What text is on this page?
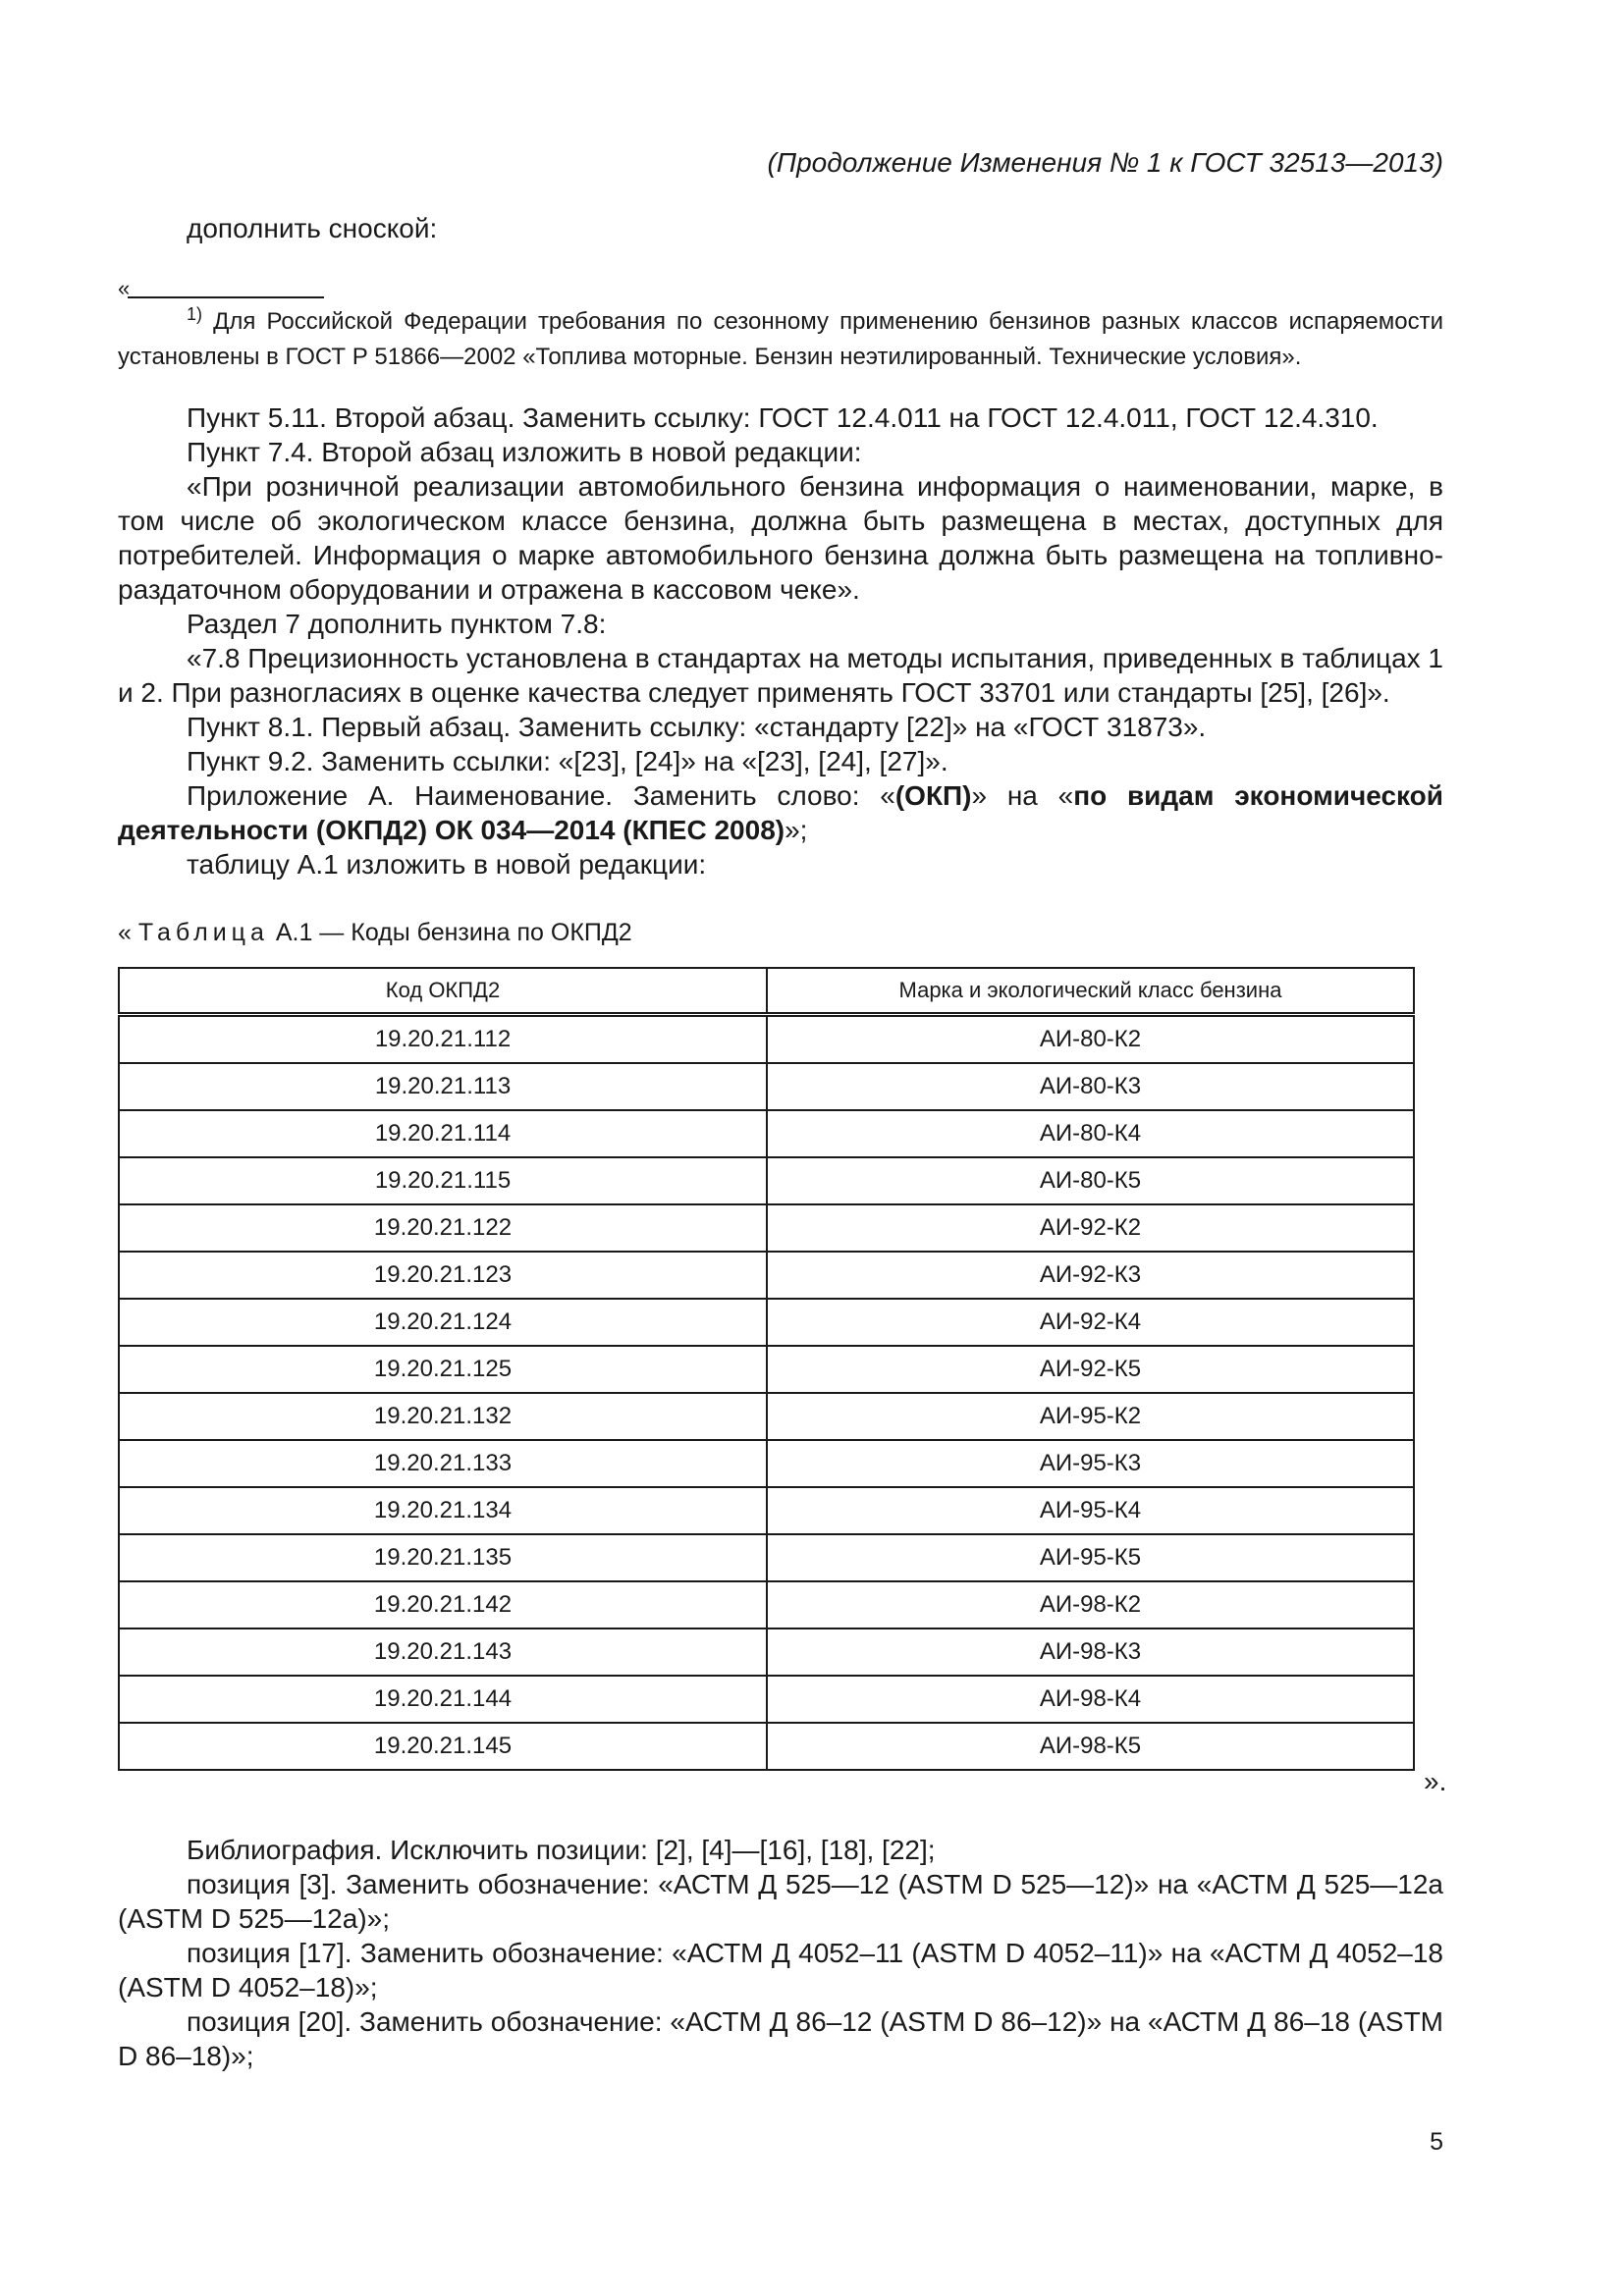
(Продолжение Изменения № 1 к ГОСТ 32513—2013)
дополнить сноской:
«
$^{1)}$ Для Российской Федерации требования по сезонному применению бензинов разных классов испаряемости установлены в ГОСТ Р 51866—2002 «Топлива моторные. Бензин неэтилированный. Технические условия».
Пункт 5.11. Второй абзац. Заменить ссылку: ГОСТ 12.4.011 на ГОСТ 12.4.011, ГОСТ 12.4.310.
Пункт 7.4. Второй абзац изложить в новой редакции:
«При розничной реализации автомобильного бензина информация о наименовании, марке, в том числе об экологическом классе бензина, должна быть размещена в местах, доступных для потребителей. Информация о марке автомобильного бензина должна быть размещена на топливно-раздаточном оборудовании и отражена в кассовом чеке».
Раздел 7 дополнить пунктом 7.8:
«7.8 Прецизионность установлена в стандартах на методы испытания, приведенных в таблицах 1 и 2. При разногласиях в оценке качества следует применять ГОСТ 33701 или стандарты [25], [26]».
Пункт 8.1. Первый абзац. Заменить ссылку: «стандарту [22]» на «ГОСТ 31873».
Пункт 9.2. Заменить ссылки: «[23], [24]» на «[23], [24], [27]».
Приложение А. Наименование. Заменить слово: «(ОКП)» на «по видам экономической деятельности (ОКПД2) ОК 034—2014 (КПЕС 2008)»;
таблицу А.1 изложить в новой редакции:
« Таблица А.1 — Коды бензина по ОКПД2
Код ОКПД2	Марка и экологический класс бензина
19.20.21.112	АИ-80-К2
19.20.21.113	АИ-80-К3
19.20.21.114	АИ-80-К4
19.20.21.115	АИ-80-К5
19.20.21.122	АИ-92-К2
19.20.21.123	АИ-92-К3
19.20.21.124	АИ-92-К4
19.20.21.125	АИ-92-К5
19.20.21.132	АИ-95-К2
19.20.21.133	АИ-95-К3
19.20.21.134	АИ-95-К4
19.20.21.135	АИ-95-К5
19.20.21.142	АИ-98-К2
19.20.21.143	АИ-98-К3
19.20.21.144	АИ-98-К4
19.20.21.145	АИ-98-К5
».
Библиография. Исключить позиции: [2], [4]—[16], [18], [22];
позиция [3]. Заменить обозначение: «АСТМ Д 525—12 (ASTM D 525—12)» на «АСТМ Д 525—12а (ASTM D 525—12a)»;
позиция [17]. Заменить обозначение: «АСТМ Д 4052–11 (ASTM D 4052–11)» на «АСТМ Д 4052–18 (ASTM D 4052–18)»;
позиция [20]. Заменить обозначение: «АСТМ Д 86–12 (ASTM D 86–12)» на «АСТМ Д 86–18 (ASTM D 86–18)»;
5
